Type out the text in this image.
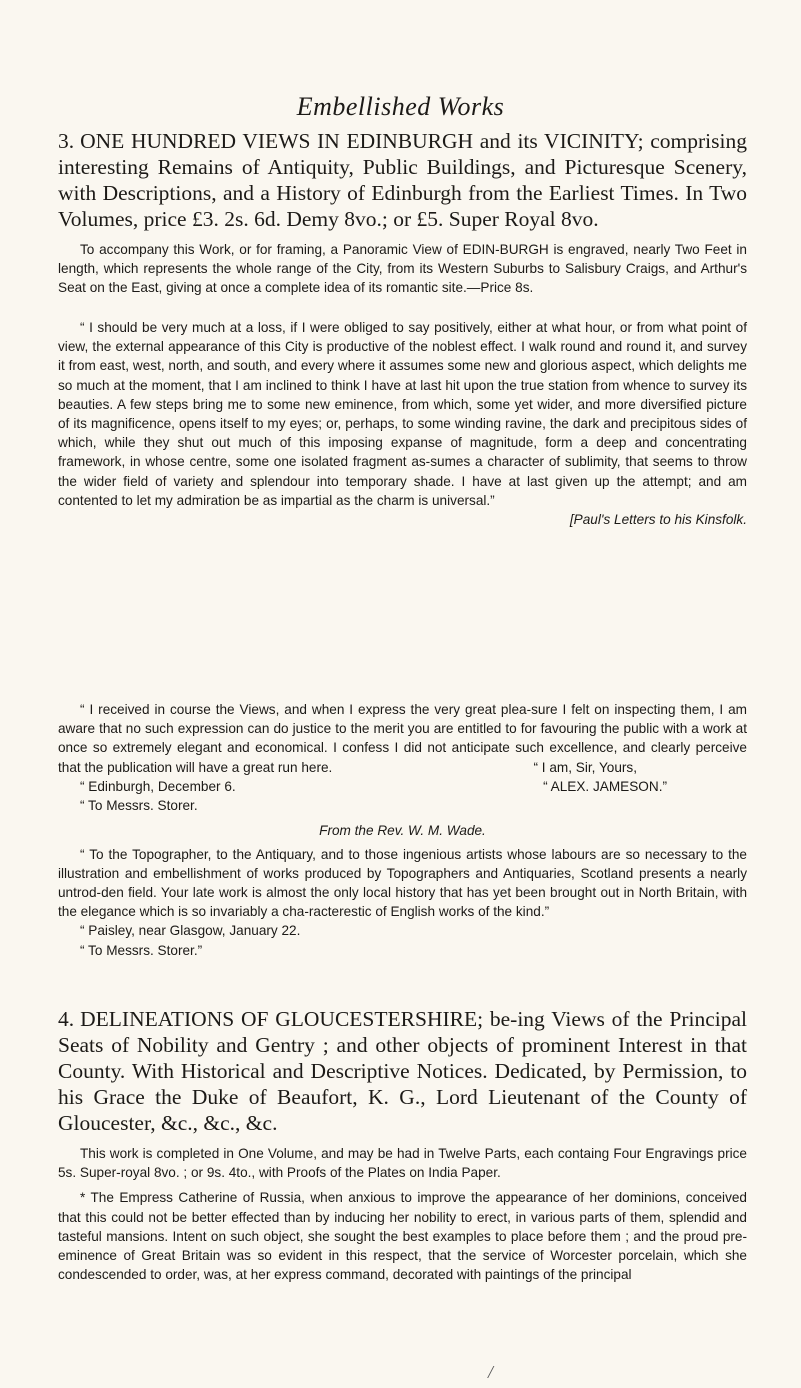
Embellished Works

3. ONE HUNDRED VIEWS IN EDINBURGH and its VICINITY; comprising interesting Remains of Antiquity, Public Buildings, and Picturesque Scenery, with Descriptions, and a History of Edinburgh from the Earliest Times. In Two Volumes, price £3. 2s. 6d. Demy 8vo.; or £5. Super Royal 8vo.

To accompany this Work, or for framing, a Panoramic View of EDIN-BURGH is engraved, nearly Two Feet in length, which represents the whole range of the City, from its Western Suburbs to Salisbury Craigs, and Arthur's Seat on the East, giving at once a complete idea of its romantic site.—Price 8s.

“ I should be very much at a loss, if I were obliged to say positively, either at what hour, or from what point of view, the external appearance of this City is productive of the noblest effect. I walk round and round it, and survey it from east, west, north, and south, and every where it assumes some new and glorious aspect, which delights me so much at the moment, that I am inclined to think I have at last hit upon the true station from whence to survey its beauties. A few steps bring me to some new eminence, from which, some yet wider, and more diversified picture of its magnificence, opens itself to my eyes; or, perhaps, to some winding ravine, the dark and precipitous sides of which, while they shut out much of this imposing expanse of magnitude, form a deep and concentrating framework, in whose centre, some one isolated fragment as-sumes a character of sublimity, that seems to throw the wider field of variety and splendour into temporary shade. I have at last given up the attempt; and am contented to let my admiration be as impartial as the charm is universal.”

[Paul's Letters to his Kinsfolk.

“ I received in course the Views, and when I express the very great plea-sure I felt on inspecting them, I am aware that no such expression can do justice to the merit you are entitled to for favouring the public with a work at once so extremely elegant and economical. I confess I did not anticipate such excellence, and clearly perceive that the publication will have a great run here.	“ I am, Sir, Yours,

“ Edinburgh, December 6.	“ ALEX. JAMESON.”

“ To Messrs. Storer.

From the Rev. W. M. Wade.

“ To the Topographer, to the Antiquary, and to those ingenious artists whose labours are so necessary to the illustration and embellishment of works produced by Topographers and Antiquaries, Scotland presents a nearly untrod-den field. Your late work is almost the only local history that has yet been brought out in North Britain, with the elegance which is so invariably a cha-racterestic of English works of the kind.”

“ Paisley, near Glasgow, January 22.

“ To Messrs. Storer.”

4. DELINEATIONS OF GLOUCESTERSHIRE; be-ing Views of the Principal Seats of Nobility and Gentry ; and other objects of prominent Interest in that County. With Historical and Descriptive Notices. Dedicated, by Permission, to his Grace the Duke of Beaufort, K. G., Lord Lieutenant of the County of Gloucester, &c., &c., &c.

This work is completed in One Volume, and may be had in Twelve Parts, each containg Four Engravings price 5s. Super-royal 8vo. ; or 9s. 4to., with Proofs of the Plates on India Paper.

* The Empress Catherine of Russia, when anxious to improve the appearance of her dominions, conceived that this could not be better effected than by inducing her nobility to erect, in various parts of them, splendid and tasteful mansions. Intent on such object, she sought the best examples to place before them ; and the proud pre-eminence of Great Britain was so evident in this respect, that the service of Worcester porcelain, which she condescended to order, was, at her express command, decorated with paintings of the principal

/
